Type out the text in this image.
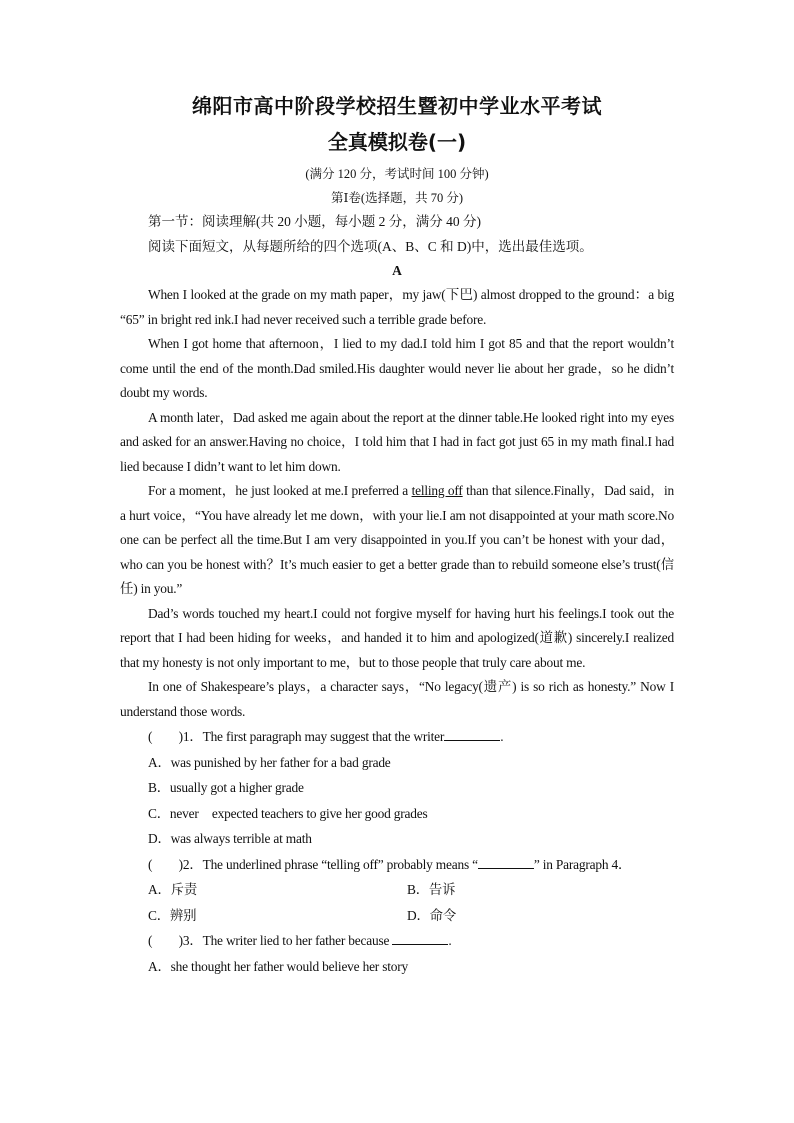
绵阳市高中阶段学校招生暨初中学业水平考试

全真模拟卷(一)

(满分 120 分，考试时间 100 分钟)

第Ⅰ卷(选择题，共 70 分)

第一节：阅读理解(共 20 小题，每小题 2 分，满分 40 分)

阅读下面短文，从每题所给的四个选项(A、B、C 和 D)中，选出最佳选项。

A

When I looked at the grade on my math paper，my jaw(下巴) almost dropped to the ground：a big “65” in bright red ink.I had never received such a terrible grade before.

When I got home that afternoon，I lied to my dad.I told him I got 85 and that the report wouldn’t come until the end of the month.Dad smiled.His daughter would never lie about her grade，so he didn’t doubt my words.

A month later，Dad asked me again about the report at the dinner table.He looked right into my eyes and asked for an answer.Having no choice，I told him that I had in fact got just 65 in my math final.I had lied because I didn’t want to let him down.

For a moment，he just looked at me.I preferred a telling off than that silence.Finally，Dad said，in a hurt voice，“You have already let me down，with your lie.I am not disappointed at your math score.No one can be perfect all the time.But I am very disappointed in you.If you can’t be honest with your dad，who can you be honest with？It’s much easier to get a better grade than to rebuild someone else’s trust(信任) in you.”

Dad’s words touched my heart.I could not forgive myself for having hurt his feelings.I took out the report that I had been hiding for weeks，and handed it to him and apologized(道歉) sincerely.I realized that my honesty is not only important to me，but to those people that truly care about me.

In one of Shakespeare’s plays，a character says，“No legacy(遗产) is so rich as honesty.” Now I understand those words.

(　　)1．The first paragraph may suggest that the writer	.

A．was punished by her father for a bad grade

B．usually got a higher grade

C．never　expected teachers to give her good grades

D．was always terrible at math

(　　)2．The underlined phrase “telling off” probably means “	” in Paragraph 4．

A．斥责	B．告诉
C．辨别	D．命令

(　　)3．The writer lied to her father because	.

A．she thought her father would believe her story
